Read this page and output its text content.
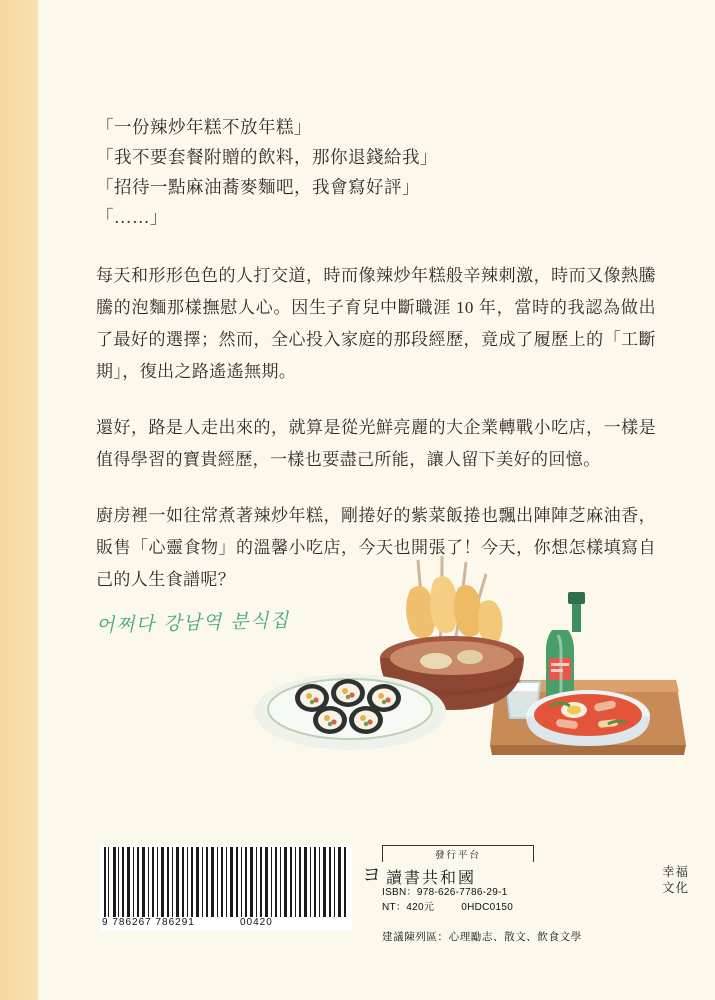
「一份辣炒年糕不放年糕」
「我不要套餐附贈的飲料，那你退錢給我」
「招待一點麻油蕎麥麵吧，我會寫好評」
「……」

每天和形形色色的人打交道，時而像辣炒年糕般辛辣刺激，時而又像熱騰騰的泡麵那樣撫慰人心。因生子育兒中斷職涯 10 年，當時的我認為做出了最好的選擇；然而，全心投入家庭的那段經歷，竟成了履歷上的「工斷期」，復出之路遙遙無期。

還好，路是人走出來的，就算是從光鮮亮麗的大企業轉戰小吃店，一樣是值得學習的寶貴經歷，一樣也要盡己所能，讓人留下美好的回憶。

廚房裡一如往常煮著辣炒年糕，剛捲好的紫菜飯捲也飄出陣陣芝麻油香，販售「心靈食物」的溫馨小吃店，今天也開張了！今天，你想怎樣填寫自己的人生食譜呢？

어쩌다 강남역 분식집
9 786267 786291	00420
發行平台
ヨ 讀書共和國	幸福
文化
ISBN：978-626-7786-29-1
NT：420元	0HDC0150
建議陳列區：心理勵志、散文、飲食文學
